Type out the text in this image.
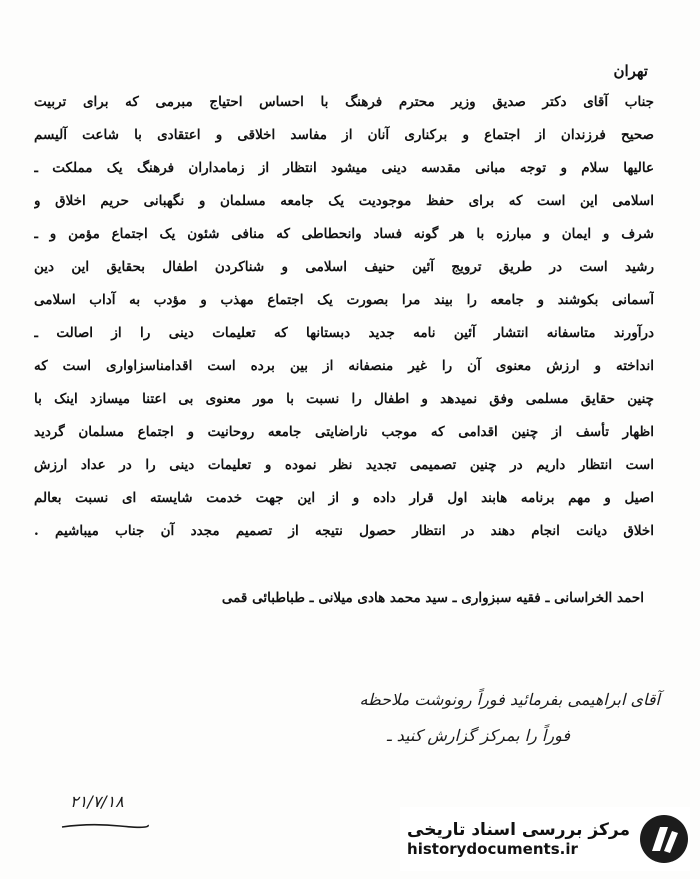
تهران
جناب آقای دکتر صدیق وزیر محترم فرهنگ با احساس احتیاج مبرمی که برای تربیت
صحیح فرزندان از اجتماع و برکناری آنان از مفاسد اخلاقی و اعتقادی با شاعت آلیسم
عالیها سلام و توجه مبانی مقدسه دینی میشود انتظار از زمامداران فرهنگ یک مملکت ـ
اسلامی این است که برای حفظ موجودیت یک جامعه مسلمان و نگهبانی حریم اخلاق و
شرف و ایمان و مبارزه با هر گونه فساد وانحطاطی که منافی شئون یک اجتماع مؤمن و ـ
رشید است در طریق ترویج آئین حنیف اسلامی و شناکردن اطفال بحقایق این دین
آسمانی بکوشند و جامعه را بیند مرا بصورت یک اجتماع مهذب و مؤدب به آداب اسلامی
درآورند متاسفانه انتشار آئین نامه جدید دبستانها که تعلیمات دینی را از اصالت ـ
انداخته و ارزش معنوی آن را غیر منصفانه از بین برده است اقدامناسزاواری است که
چنین حقایق مسلمی وفق نمیدهد و اطفال را نسبت با مور معنوی بی اعتنا میسازد اینک با
اظهار تأسف از چنین اقدامی که موجب ناراضایتی جامعه روحانیت و اجتماع مسلمان گردید
است انتظار داریم در چنین تصمیمی تجدید نظر نموده و تعلیمات دینی را در عداد ارزش
اصیل و مهم برنامه هابند اول قرار داده و از این جهت خدمت شایسته ای نسبت بعالم
اخلاق دیانت انجام دهند در انتظار حصول نتیجه از تصمیم مجدد آن جناب میباشیم .
احمد الخراسانی ـ فقیه سبزواری ـ سید محمد هادی میلانی ـ طباطبائی قمی
آقای ابراهیمی بفرمائید فوراً رونوشت ملاحظه
فوراً را بمرکز گزارش کنید ـ
۲۱/۷/۱۸
مرکز بررسی اسناد تاریخی
historydocuments.ir
